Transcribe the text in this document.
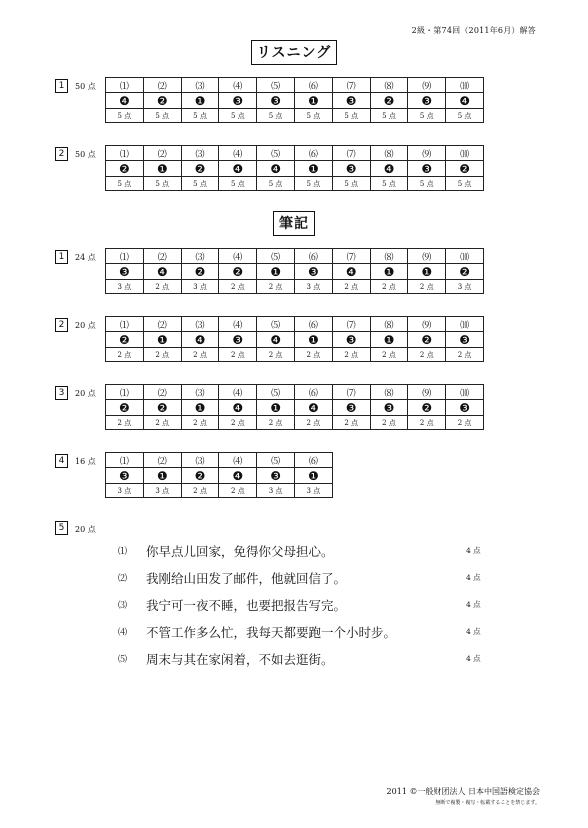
2級・第74回（2011年6月）解答
リスニング
1	50 点	⑴	⑵	⑶	⑷	⑸	⑹	⑺	⑻	⑼	⑽
❹	❷	❶	❸	❸	❶	❸	❷	❸	❹
5 点	5 点	5 点	5 点	5 点	5 点	5 点	5 点	5 点	5 点
2	50 点	⑴	⑵	⑶	⑷	⑸	⑹	⑺	⑻	⑼	⑽
❷	❶	❷	❹	❹	❶	❸	❹	❸	❷
5 点	5 点	5 点	5 点	5 点	5 点	5 点	5 点	5 点	5 点
筆記
1	24 点	⑴	⑵	⑶	⑷	⑸	⑹	⑺	⑻	⑼	⑽
❸	❹	❷	❷	❶	❸	❹	❶	❶	❷
3 点	2 点	3 点	2 点	2 点	3 点	2 点	2 点	2 点	3 点
2	20 点	⑴	⑵	⑶	⑷	⑸	⑹	⑺	⑻	⑼	⑽
❷	❶	❹	❸	❹	❶	❸	❶	❷	❸
2 点	2 点	2 点	2 点	2 点	2 点	2 点	2 点	2 点	2 点
3	20 点	⑴	⑵	⑶	⑷	⑸	⑹	⑺	⑻	⑼	⑽
❷	❷	❶	❹	❶	❹	❸	❸	❷	❸
2 点	2 点	2 点	2 点	2 点	2 点	2 点	2 点	2 点	2 点
4	16 点	⑴	⑵	⑶	⑷	⑸	⑹
❸	❶	❷	❹	❸	❶
3 点	3 点	2 点	2 点	3 点	3 点
5	20 点
⑴ 你早点儿回家，免得你父母担心。	4 点
⑵ 我刚给山田发了邮件，他就回信了。	4 点
⑶ 我宁可一夜不睡，也要把报告写完。	4 点
⑷ 不管工作多么忙，我每天都要跑一个小时步。	4 点
⑸ 周末与其在家闲着，不如去逛街。	4 点
2011 ©一般财团法人 日本中国語検定協会
無断で複製・複写・転載することを禁じます。
